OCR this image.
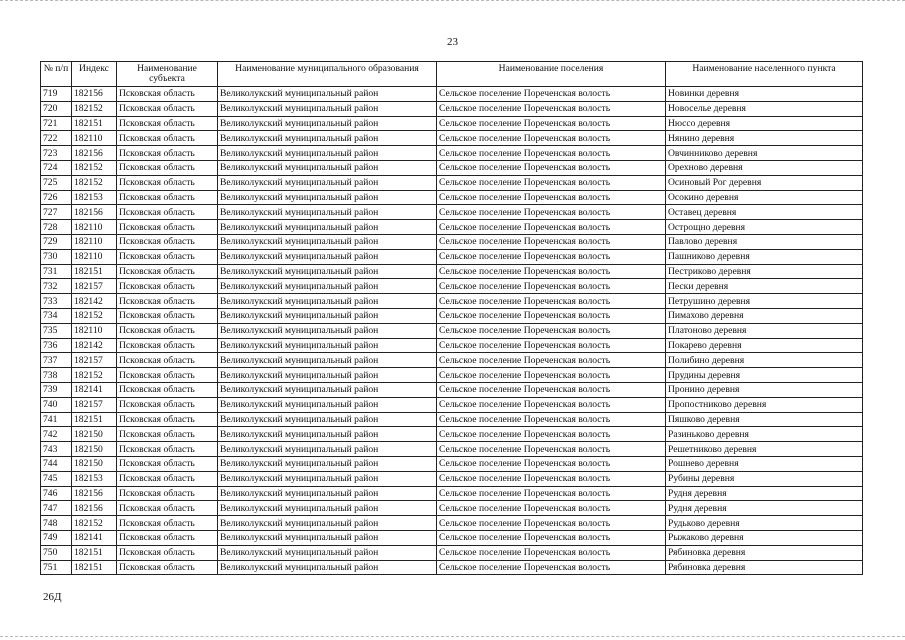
23
№ п/п	Индекс	Наименование субъекта	Наименование муниципального образования	Наименование поселения	Наименование населенного пункта
719	182156	Псковская область	Великолукский муниципальный район	Сельское поселение Пореченская волость	Новинки деревня
720	182152	Псковская область	Великолукский муниципальный район	Сельское поселение Пореченская волость	Новоселье деревня
721	182151	Псковская область	Великолукский муниципальный район	Сельское поселение Пореченская волость	Нюссо деревня
722	182110	Псковская область	Великолукский муниципальный район	Сельское поселение Пореченская волость	Нянино деревня
723	182156	Псковская область	Великолукский муниципальный район	Сельское поселение Пореченская волость	Овчинниково деревня
724	182152	Псковская область	Великолукский муниципальный район	Сельское поселение Пореченская волость	Орехново деревня
725	182152	Псковская область	Великолукский муниципальный район	Сельское поселение Пореченская волость	Осиновый Рог деревня
726	182153	Псковская область	Великолукский муниципальный район	Сельское поселение Пореченская волость	Осокино деревня
727	182156	Псковская область	Великолукский муниципальный район	Сельское поселение Пореченская волость	Оставец деревня
728	182110	Псковская область	Великолукский муниципальный район	Сельское поселение Пореченская волость	Острощно деревня
729	182110	Псковская область	Великолукский муниципальный район	Сельское поселение Пореченская волость	Павлово деревня
730	182110	Псковская область	Великолукский муниципальный район	Сельское поселение Пореченская волость	Пашниково деревня
731	182151	Псковская область	Великолукский муниципальный район	Сельское поселение Пореченская волость	Пестриково деревня
732	182157	Псковская область	Великолукский муниципальный район	Сельское поселение Пореченская волость	Пески деревня
733	182142	Псковская область	Великолукский муниципальный район	Сельское поселение Пореченская волость	Петрушино деревня
734	182152	Псковская область	Великолукский муниципальный район	Сельское поселение Пореченская волость	Пимахово деревня
735	182110	Псковская область	Великолукский муниципальный район	Сельское поселение Пореченская волость	Платоново деревня
736	182142	Псковская область	Великолукский муниципальный район	Сельское поселение Пореченская волость	Покарево деревня
737	182157	Псковская область	Великолукский муниципальный район	Сельское поселение Пореченская волость	Полибино деревня
738	182152	Псковская область	Великолукский муниципальный район	Сельское поселение Пореченская волость	Прудины деревня
739	182141	Псковская область	Великолукский муниципальный район	Сельское поселение Пореченская волость	Пронино деревня
740	182157	Псковская область	Великолукский муниципальный район	Сельское поселение Пореченская волость	Пропостниково деревня
741	182151	Псковская область	Великолукский муниципальный район	Сельское поселение Пореченская волость	Пяшково деревня
742	182150	Псковская область	Великолукский муниципальный район	Сельское поселение Пореченская волость	Разиньково деревня
743	182150	Псковская область	Великолукский муниципальный район	Сельское поселение Пореченская волость	Решетниково деревня
744	182150	Псковская область	Великолукский муниципальный район	Сельское поселение Пореченская волость	Рошнево деревня
745	182153	Псковская область	Великолукский муниципальный район	Сельское поселение Пореченская волость	Рубины деревня
746	182156	Псковская область	Великолукский муниципальный район	Сельское поселение Пореченская волость	Рудня деревня
747	182156	Псковская область	Великолукский муниципальный район	Сельское поселение Пореченская волость	Рудня деревня
748	182152	Псковская область	Великолукский муниципальный район	Сельское поселение Пореченская волость	Рудьково деревня
749	182141	Псковская область	Великолукский муниципальный район	Сельское поселение Пореченская волость	Рыжаково деревня
750	182151	Псковская область	Великолукский муниципальный район	Сельское поселение Пореченская волость	Рябиновка деревня
751	182151	Псковская область	Великолукский муниципальный район	Сельское поселение Пореченская волость	Рябиновка деревня
26Д
